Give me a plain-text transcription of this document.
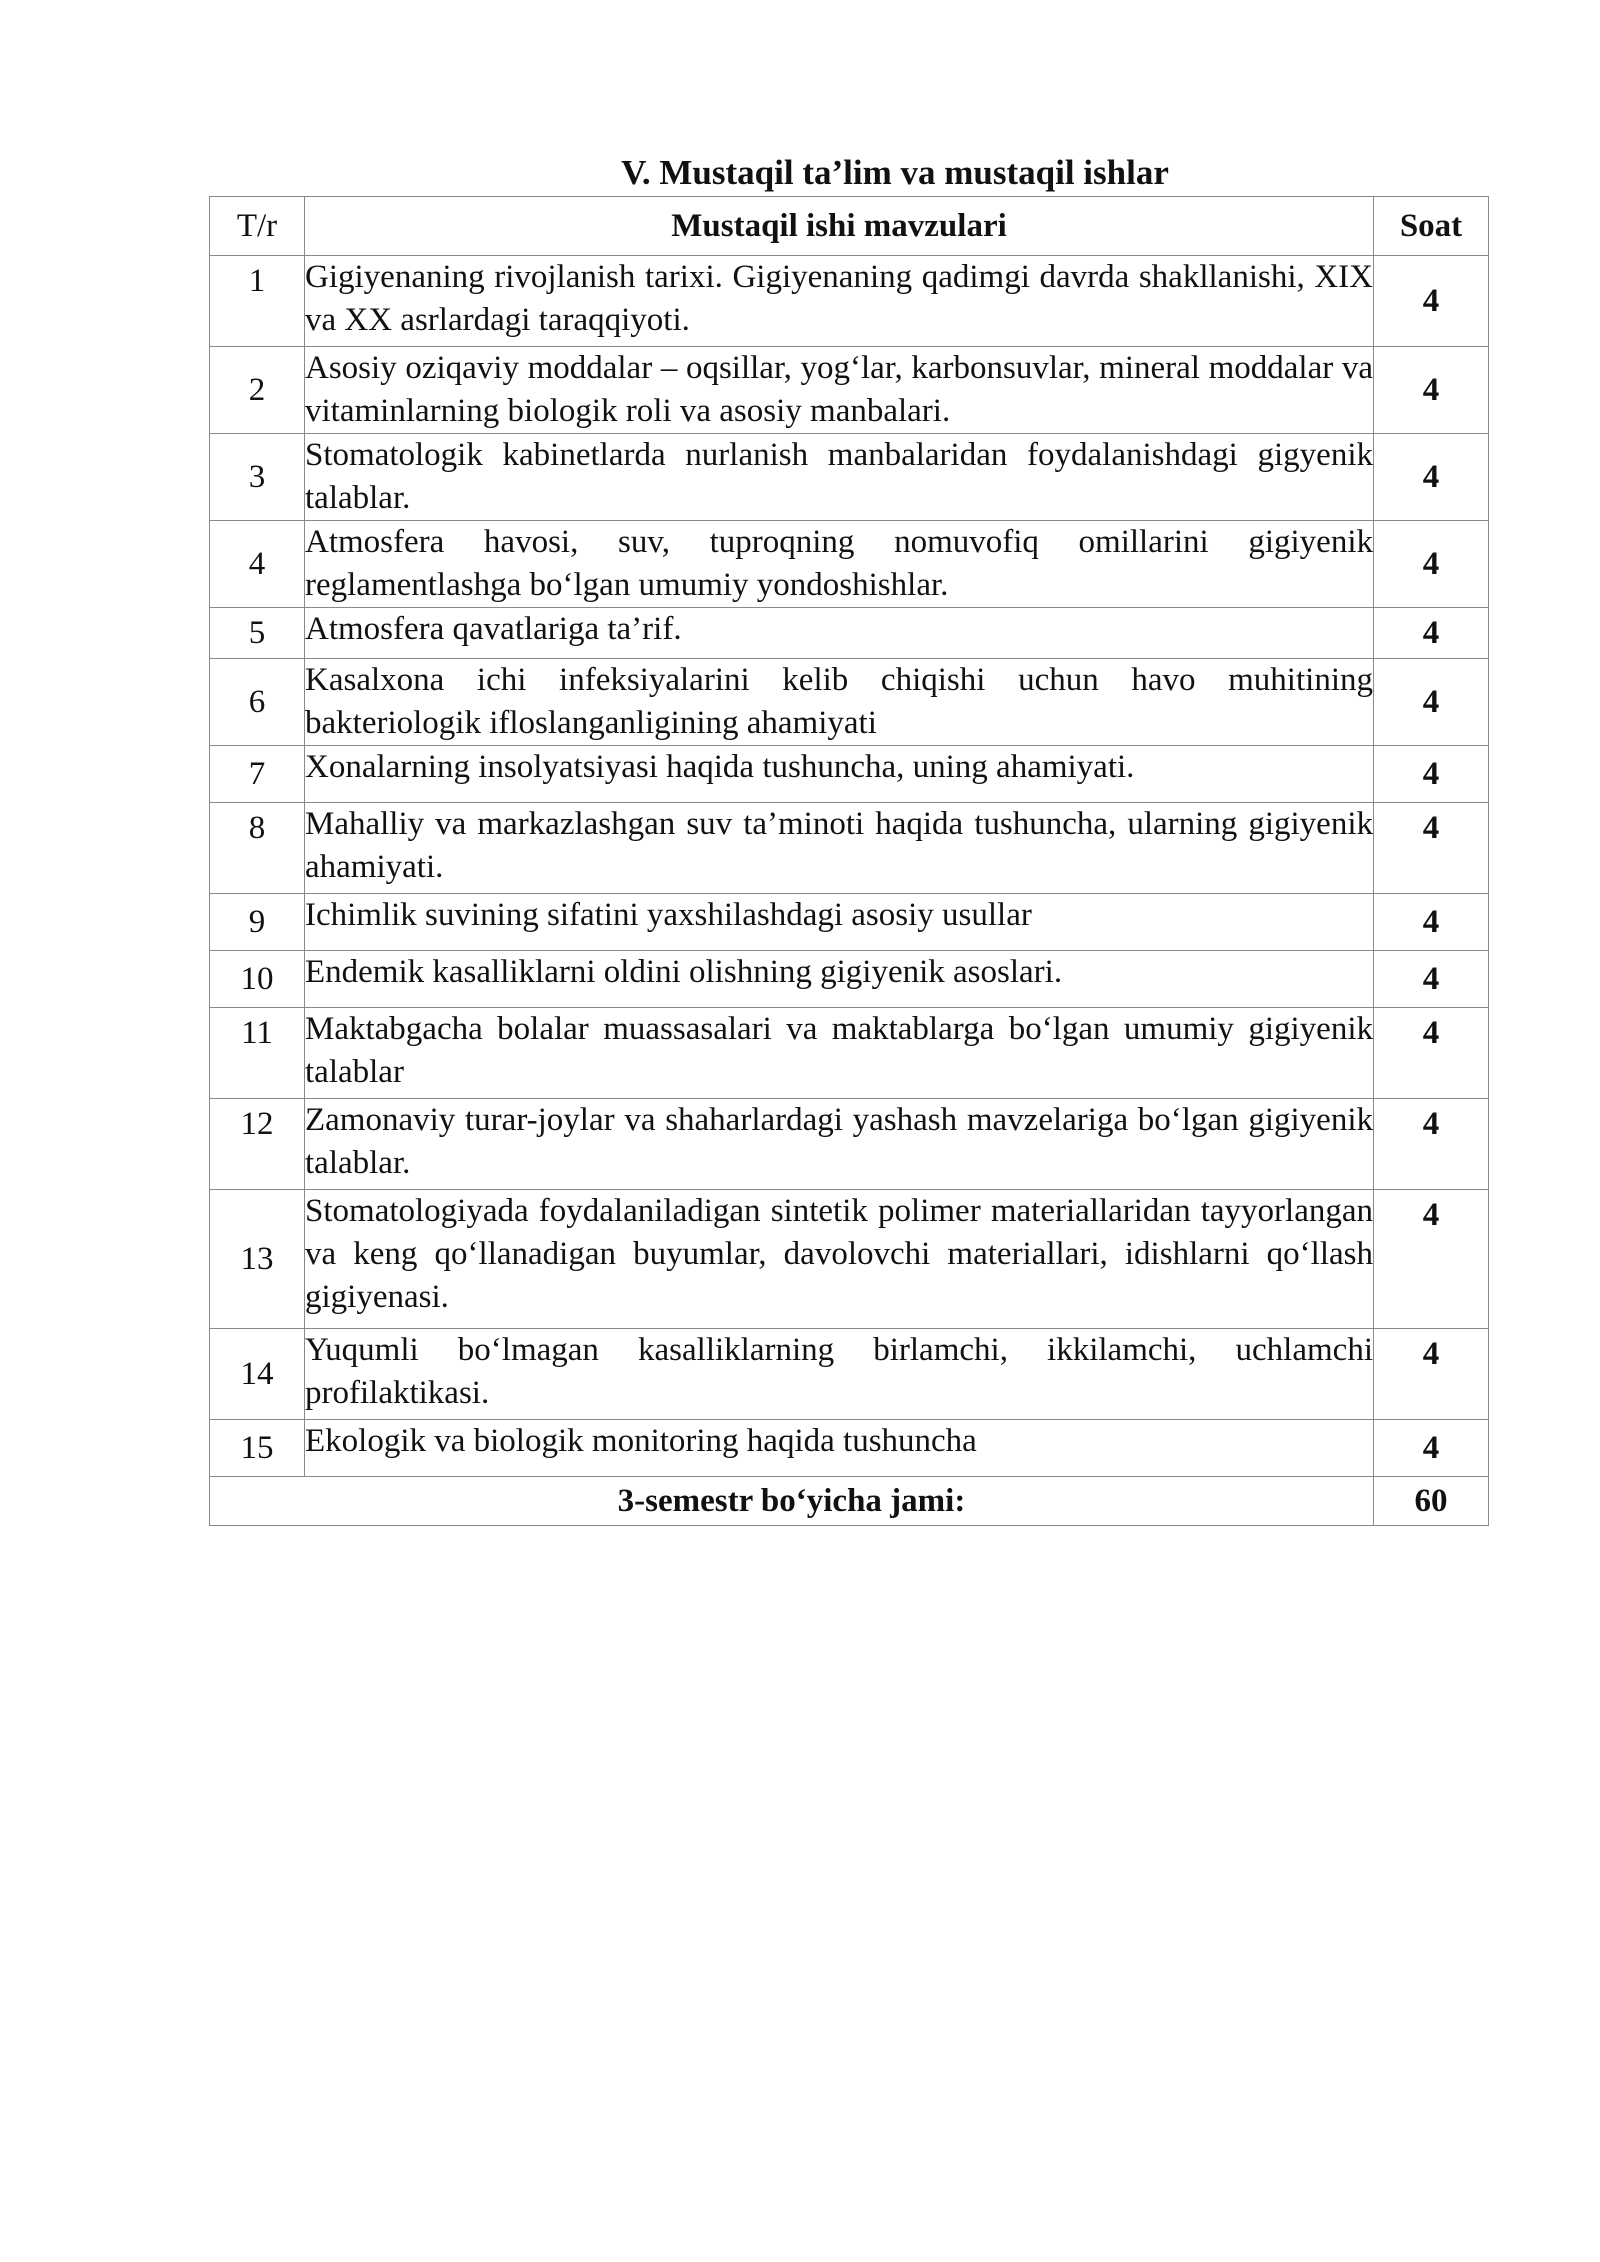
V. Mustaqil ta’lim va mustaqil ishlar
T/r	Mustaqil ishi mavzulari	Soat
1	Gigiyenaning rivojlanish tarixi. Gigiyenaning qadimgi davrda shakllanishi, XIX va XX asrlardagi taraqqiyoti.	4
2	Asosiy oziqaviy moddalar – oqsillar, yog‘lar, karbonsuvlar, mineral moddalar va vitaminlarning biologik roli va asosiy manbalari.	4
3	Stomatologik kabinetlarda nurlanish manbalaridan foydalanishdagi gigyenik talablar.	4
4	Atmosfera havosi, suv, tuproqning nomuvofiq omillarini gigiyenik reglamentlashga bo‘lgan umumiy yondoshishlar.	4
5	Atmosfera qavatlariga ta’rif.	4
6	Kasalxona ichi infeksiyalarini kelib chiqishi uchun havo muhitining bakteriologik ifloslanganligining ahamiyati	4
7	Xonalarning insolyatsiyasi haqida tushuncha, uning ahamiyati.	4
8	Mahalliy va markazlashgan suv ta’minoti haqida tushuncha, ularning gigiyenik ahamiyati.	4
9	Ichimlik suvining sifatini yaxshilashdagi asosiy usullar	4
10	Endemik kasalliklarni oldini olishning gigiyenik asoslari.	4
11	Maktabgacha bolalar muassasalari va maktablarga bo‘lgan umumiy gigiyenik talablar	4
12	Zamonaviy turar-joylar va shaharlardagi yashash mavzelariga bo‘lgan gigiyenik talablar.	4
13	Stomatologiyada foydalaniladigan sintetik polimer materiallaridan tayyorlangan va keng qo‘llanadigan buyumlar, davolovchi materiallari, idishlarni qo‘llash gigiyenasi.	4
14	Yuqumli bo‘lmagan kasalliklarning birlamchi, ikkilamchi, uchlamchi profilaktikasi.	4
15	Ekologik va biologik monitoring haqida tushuncha	4
3-semestr bo‘yicha jami:		60
